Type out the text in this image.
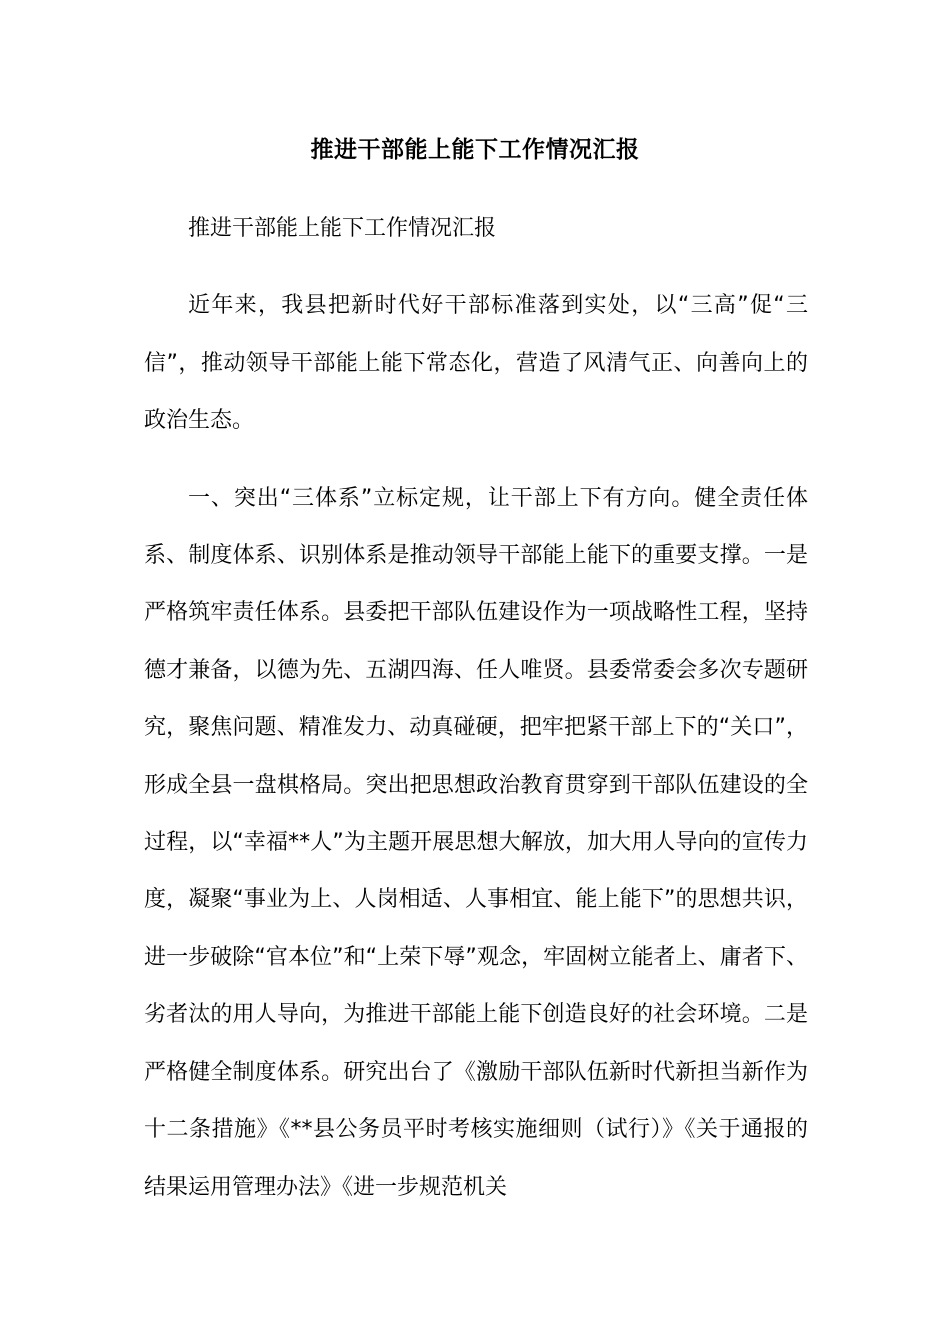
推进干部能上能下工作情况汇报

推进干部能上能下工作情况汇报

近年来，我县把新时代好干部标准落到实处，以“三高”促“三信”，推动领导干部能上能下常态化，营造了风清气正、向善向上的政治生态。

一、突出“三体系”立标定规，让干部上下有方向。健全责任体系、制度体系、识别体系是推动领导干部能上能下的重要支撑。一是严格筑牢责任体系。县委把干部队伍建设作为一项战略性工程，坚持德才兼备，以德为先、五湖四海、任人唯贤。县委常委会多次专题研究，聚焦问题、精准发力、动真碰硬，把牢把紧干部上下的“关口”，形成全县一盘棋格局。突出把思想政治教育贯穿到干部队伍建设的全过程，以“幸福**人”为主题开展思想大解放，加大用人导向的宣传力度，凝聚“事业为上、人岗相适、人事相宜、能上能下”的思想共识，进一步破除“官本位”和“上荣下辱”观念，牢固树立能者上、庸者下、劣者汰的用人导向，为推进干部能上能下创造良好的社会环境。二是严格健全制度体系。研究出台了《激励干部队伍新时代新担当新作为十二条措施》《**县公务员平时考核实施细则（试行）》《关于通报的结果运用管理办法》《进一步规范机关
